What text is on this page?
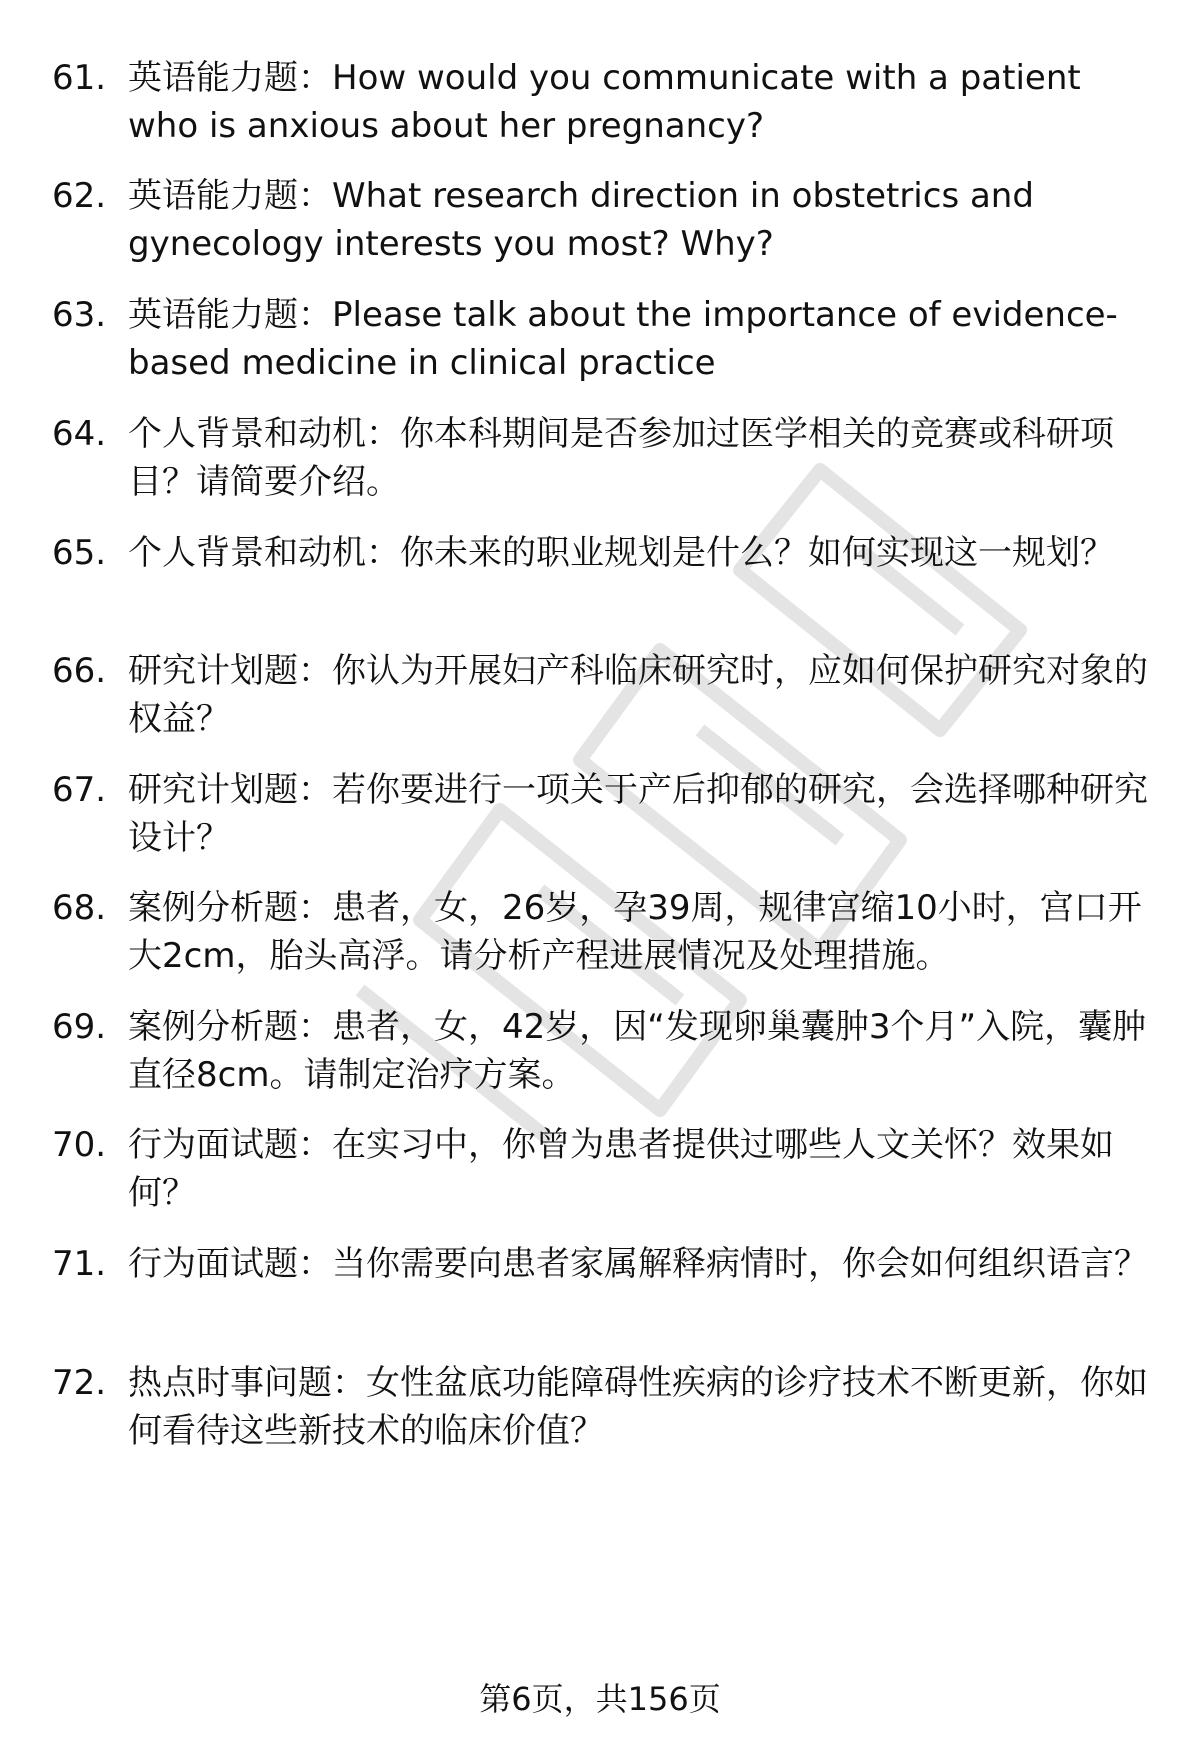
61. 英语能力题：How would you communicate with a patient who is anxious about her pregnancy?
62. 英语能力题：What research direction in obstetrics and gynecology interests you most? Why?
63. 英语能力题：Please talk about the importance of evidence-based medicine in clinical practice
64. 个人背景和动机：你本科期间是否参加过医学相关的竞赛或科研项目？请简要介绍。
65. 个人背景和动机：你未来的职业规划是什么？如何实现这一规划？
66. 研究计划题：你认为开展妇产科临床研究时，应如何保护研究对象的权益？
67. 研究计划题：若你要进行一项关于产后抑郁的研究，会选择哪种研究设计？
68. 案例分析题：患者，女，26岁，孕39周，规律宫缩10小时，宫口开大2cm，胎头高浮。请分析产程进展情况及处理措施。
69. 案例分析题：患者，女，42岁，因“发现卵巢囊肿3个月”入院，囊肿直径8cm。请制定治疗方案。
70. 行为面试题：在实习中，你曾为患者提供过哪些人文关怀？效果如何？
71. 行为面试题：当你需要向患者家属解释病情时，你会如何组织语言？
72. 热点时事问题：女性盆底功能障碍性疾病的诊疗技术不断更新，你如何看待这些新技术的临床价值？
第6页，共156页
